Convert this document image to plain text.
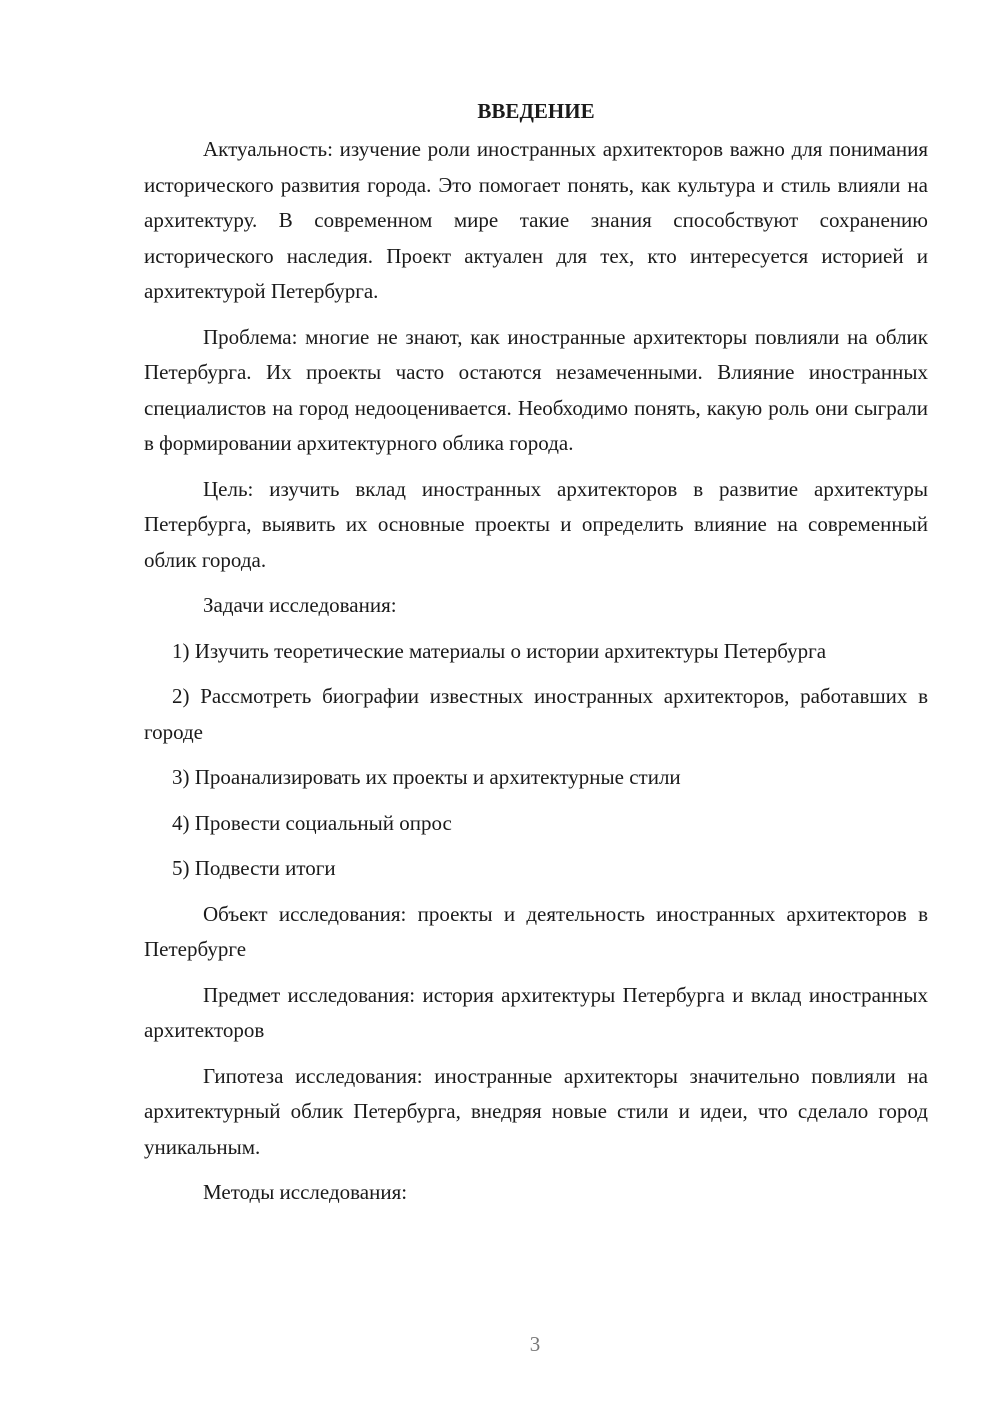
ВВЕДЕНИЕ

Актуальность: изучение роли иностранных архитекторов важно для понимания исторического развития города. Это помогает понять, как культура и стиль влияли на архитектуру. В современном мире такие знания способствуют сохранению исторического наследия. Проект актуален для тех, кто интересуется историей и архитектурой Петербурга.

Проблема: многие не знают, как иностранные архитекторы повлияли на облик Петербурга. Их проекты часто остаются незамеченными. Влияние иностранных специалистов на город недооценивается. Необходимо понять, какую роль они сыграли в формировании архитектурного облика города.

Цель: изучить вклад иностранных архитекторов в развитие архитектуры Петербурга, выявить их основные проекты и определить влияние на современный облик города.

Задачи исследования:

1) Изучить теоретические материалы о истории архитектуры Петербурга

2) Рассмотреть биографии известных иностранных архитекторов, работавших в городе

3) Проанализировать их проекты и архитектурные стили

4) Провести социальный опрос

5) Подвести итоги

Объект исследования: проекты и деятельность иностранных архитекторов в Петербурге

Предмет исследования: история архитектуры Петербурга и вклад иностранных архитекторов

Гипотеза исследования: иностранные архитекторы значительно повлияли на архитектурный облик Петербурга, внедряя новые стили и идеи, что сделало город уникальным.

Методы исследования:

3
